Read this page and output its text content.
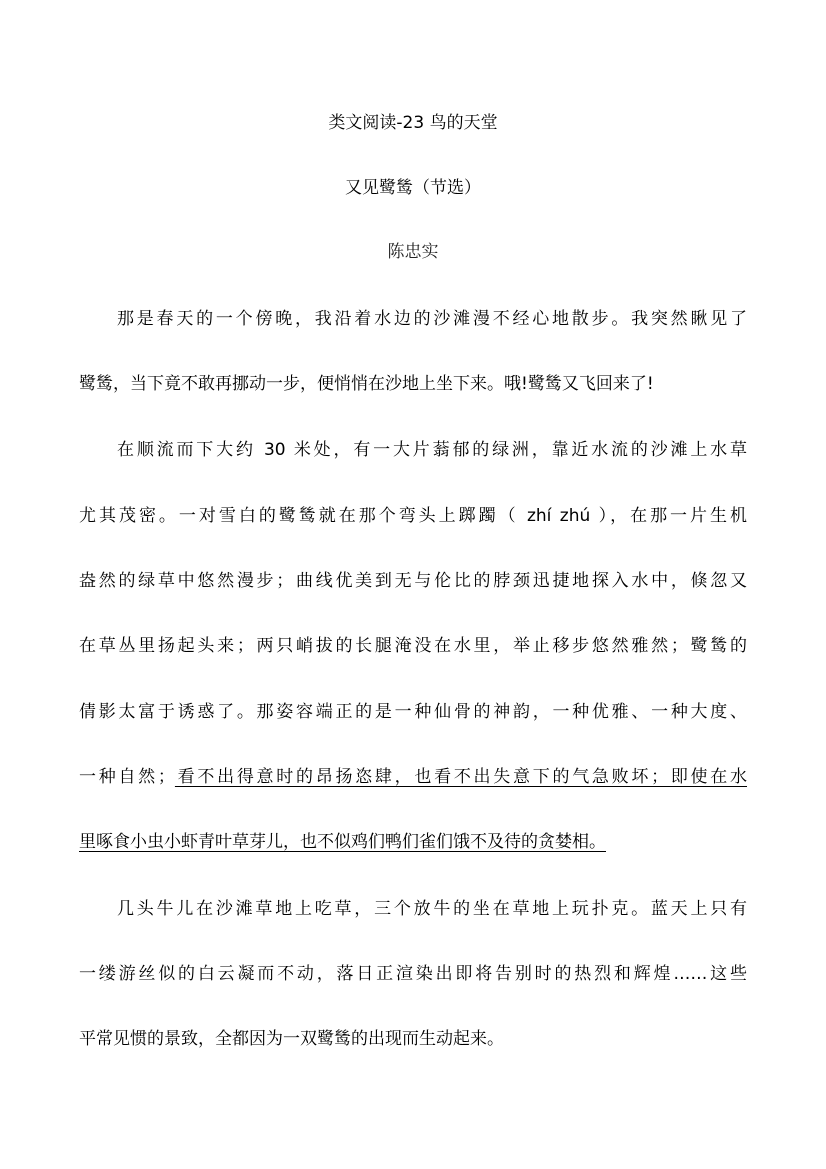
类文阅读-23 鸟的天堂
又见鹭鸶（节选）
陈忠实
那是春天的一个傍晚，我沿着水边的沙滩漫不经心地散步。我突然瞅见了
鹭鸶，当下竟不敢再挪动一步，便悄悄在沙地上坐下来。哦!鹭鸶又飞回来了!
在顺流而下大约 30 米处，有一大片蓊郁的绿洲，靠近水流的沙滩上水草
尤其茂密。一对雪白的鹭鸶就在那个弯头上踯躅（ zhí zhú ），在那一片生机
盎然的绿草中悠然漫步；曲线优美到无与伦比的脖颈迅捷地探入水中，倏忽又
在草丛里扬起头来；两只峭拔的长腿淹没在水里，举止移步悠然雅然；鹭鸶的
倩影太富于诱惑了。那姿容端正的是一种仙骨的神韵，一种优雅、一种大度、
一种自然；看不出得意时的昂扬恣肆，也看不出失意下的气急败坏；即使在水
里啄食小虫小虾青叶草芽儿，也不似鸡们鸭们雀们饿不及待的贪婪相。
几头牛儿在沙滩草地上吃草，三个放牛的坐在草地上玩扑克。蓝天上只有
一缕游丝似的白云凝而不动，落日正渲染出即将告别时的热烈和辉煌……这些
平常见惯的景致，全都因为一双鹭鸶的出现而生动起来。
